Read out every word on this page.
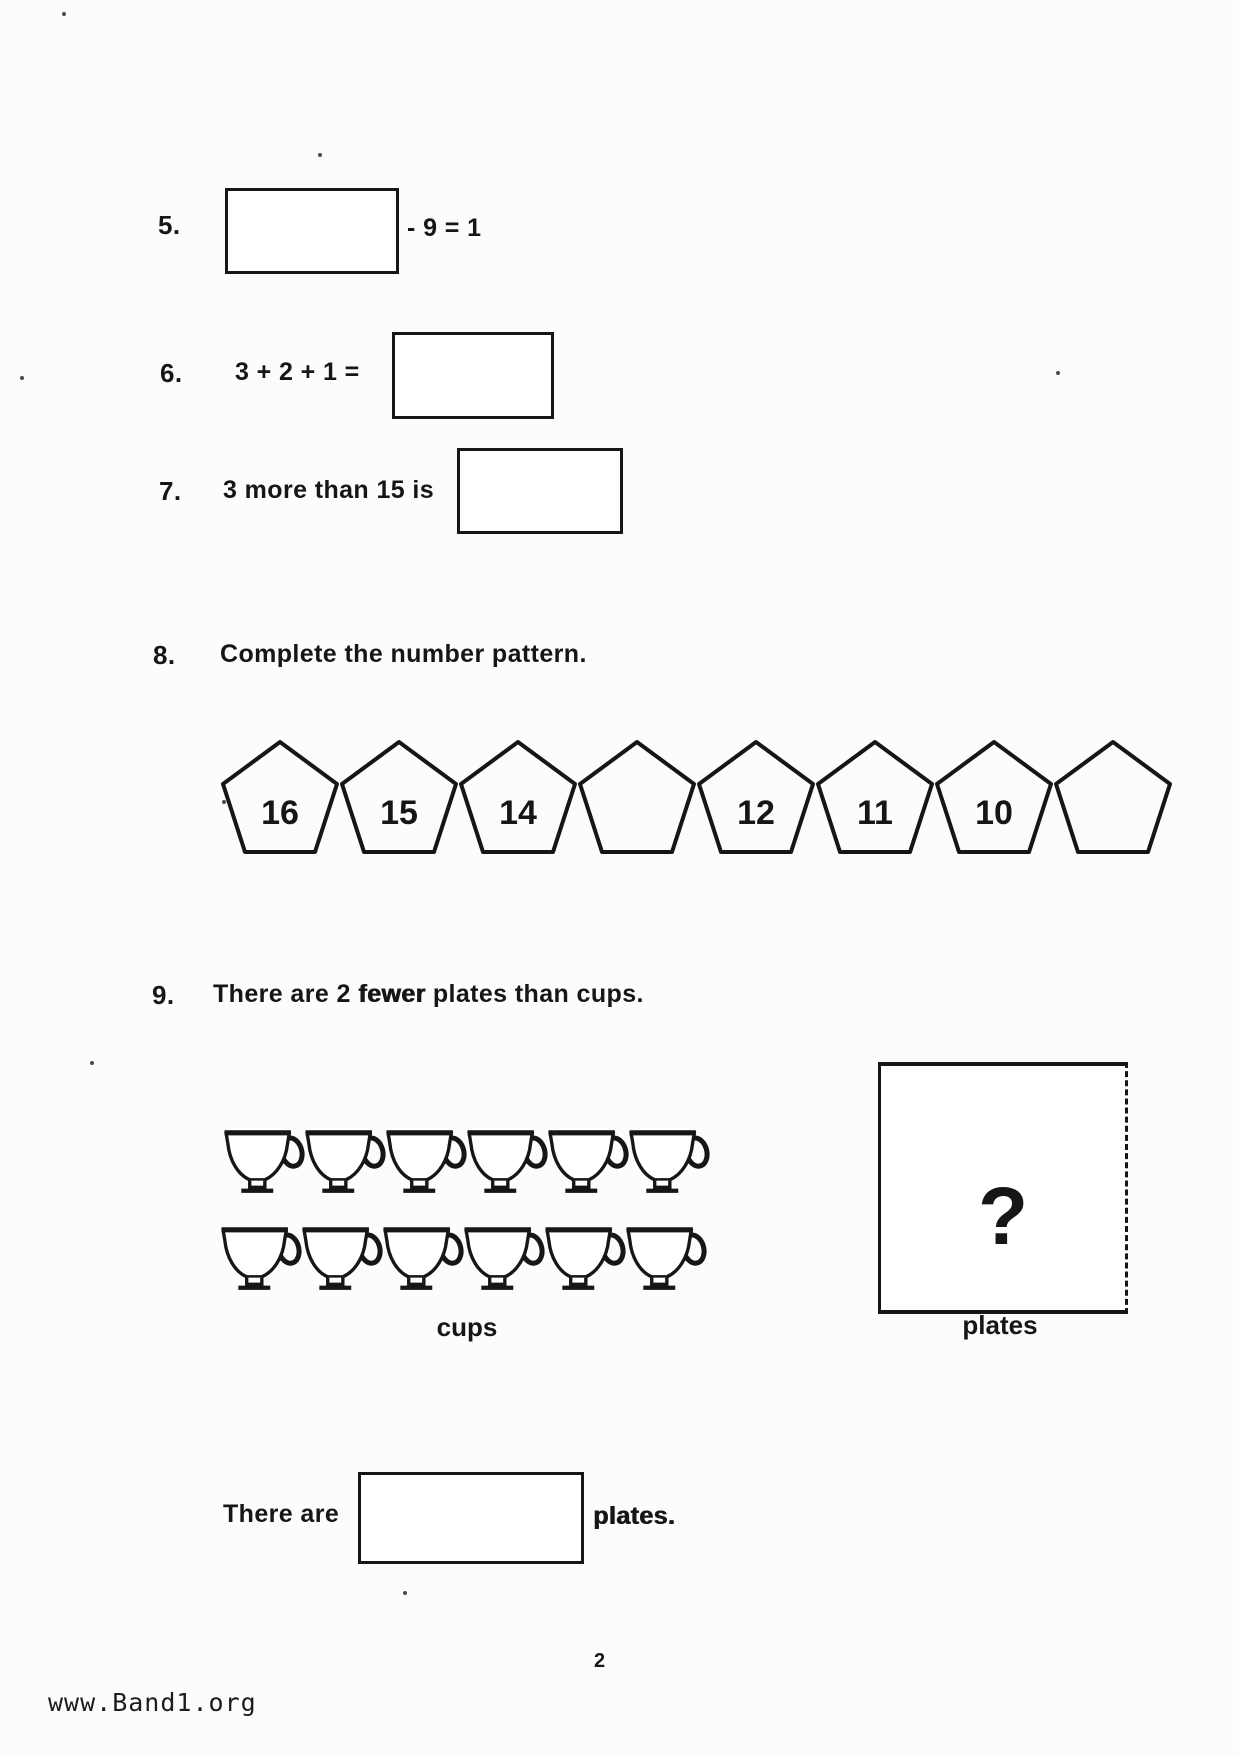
5.	- 9 = 1
6. 3 + 2 + 1 =
7. 3 more than 15 is
8. Complete the number pattern.
16	15	14	12	11	10
9. There are 2 fewer plates than cups.
cups
?
plates
There are	plates.
www.Band1.org
2
